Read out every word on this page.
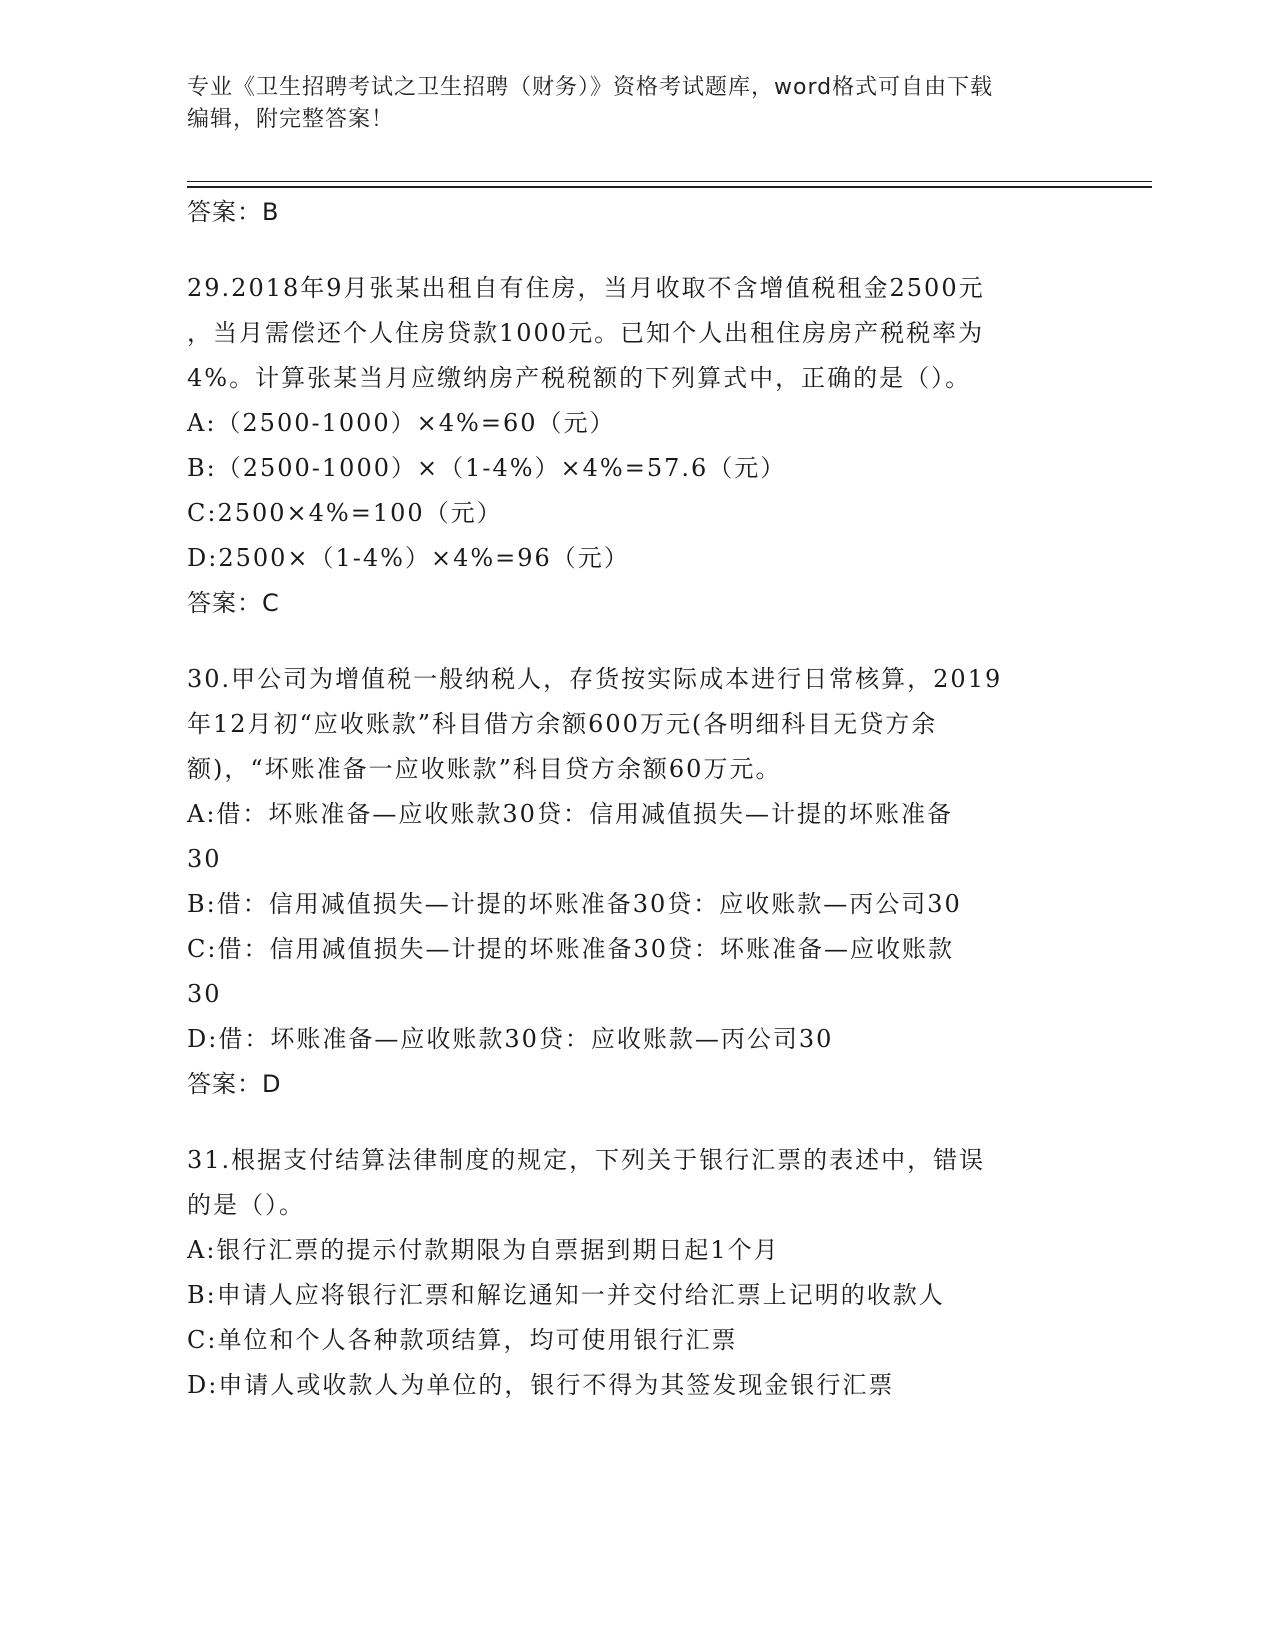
专业《卫生招聘考试之卫生招聘（财务）》资格考试题库，word格式可自由下载
编辑，附完整答案！
答案：B

29.2018年9月张某出租自有住房，当月收取不含增值税租金2500元

，当月需偿还个人住房贷款1000元。已知个人出租住房房产税税率为

4%。计算张某当月应缴纳房产税税额的下列算式中，正确的是（）。

A:（2500-1000）×4%=60（元）

B:（2500-1000）×（1-4%）×4%=57.6（元）

C:2500×4%=100（元）

D:2500×（1-4%）×4%=96（元）

答案：C

30.甲公司为增值税一般纳税人，存货按实际成本进行日常核算，2019

年12月初“应收账款”科目借方余额600万元(各明细科目无贷方余

额)，“坏账准备一应收账款”科目贷方余额60万元。

A:借：坏账准备—应收账款30贷：信用减值损失—计提的坏账准备

30

B:借：信用减值损失—计提的坏账准备30贷：应收账款—丙公司30

C:借：信用减值损失—计提的坏账准备30贷：坏账准备—应收账款

30

D:借：坏账准备—应收账款30贷：应收账款—丙公司30

答案：D

31.根据支付结算法律制度的规定，下列关于银行汇票的表述中，错误

的是（）。

A:银行汇票的提示付款期限为自票据到期日起1个月

B:申请人应将银行汇票和解讫通知一并交付给汇票上记明的收款人

C:单位和个人各种款项结算，均可使用银行汇票

D:申请人或收款人为单位的，银行不得为其签发现金银行汇票
